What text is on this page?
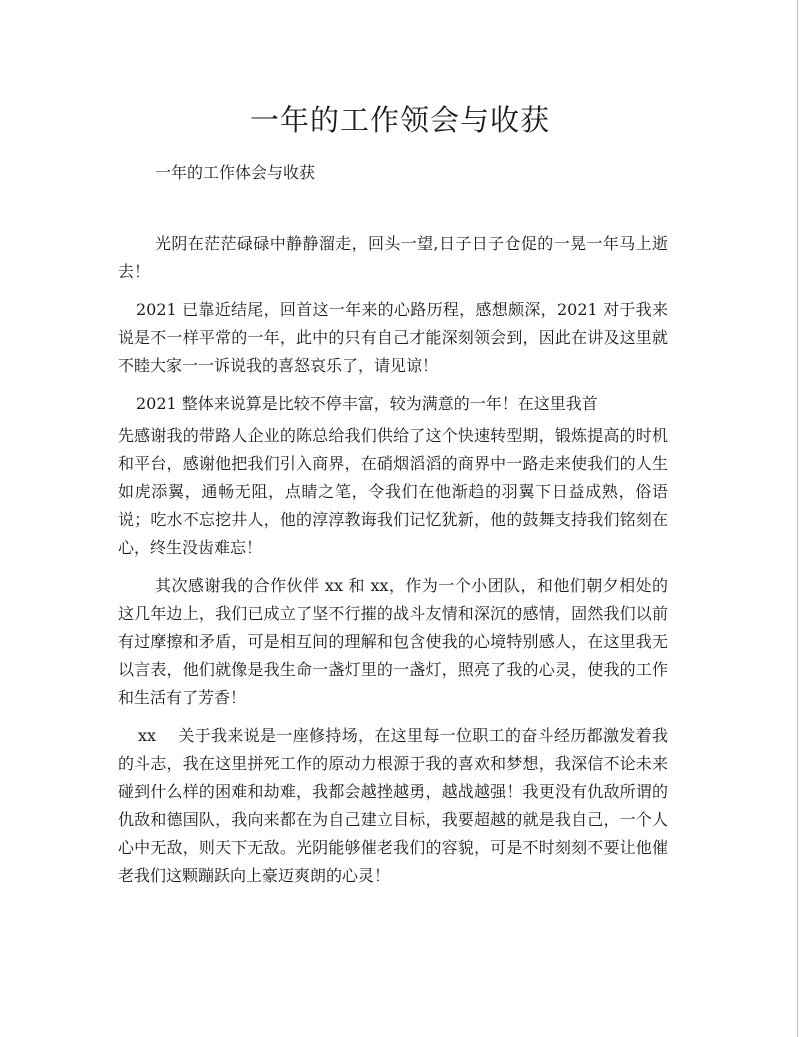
一年的工作领会与收获
一年的工作体会与收获

光阴在茫茫碌碌中静静溜走，回头一望,日子日子仓促的一晃一年马上逝去！

2021 已靠近结尾，回首这一年来的心路历程，感想颇深，2021 对于我来说是不一样平常的一年，此中的只有自己才能深刻领会到，因此在讲及这里就不睦大家一一诉说我的喜怒哀乐了，请见谅！

2021 整体来说算是比较不停丰富，较为满意的一年！在这里我首
先感谢我的带路人企业的陈总给我们供给了这个快速转型期，锻炼提高的时机和平台，感谢他把我们引入商界，在硝烟滔滔的商界中一路走来使我们的人生如虎添翼，通畅无阻，点睛之笔，令我们在他渐趋的羽翼下日益成熟，俗语说；吃水不忘挖井人，他的淳淳教诲我们记忆犹新，他的鼓舞支持我们铭刻在心，终生没齿难忘！

其次感谢我的合作伙伴 xx 和 xx，作为一个小团队，和他们朝夕相处的这几年边上，我们已成立了坚不行摧的战斗友情和深沉的感情，固然我们以前有过摩擦和矛盾，可是相互间的理解和包含使我的心境特别感人，在这里我无以言表，他们就像是我生命一盏灯里的一盏灯，照亮了我的心灵，使我的工作和生活有了芳香！

xx 关于我来说是一座修持场，在这里每一位职工的奋斗经历都激发着我的斗志，我在这里拼死工作的原动力根源于我的喜欢和梦想，我深信不论未来碰到什么样的困难和劫难，我都会越挫越勇，越战越强！我更没有仇敌所谓的仇敌和德国队，我向来都在为自己建立目标，我要超越的就是我自己，一个人心中无敌，则天下无敌。光阴能够催老我们的容貌，可是不时刻刻不要让他催老我们这颗蹦跃向上豪迈爽朗的心灵！
